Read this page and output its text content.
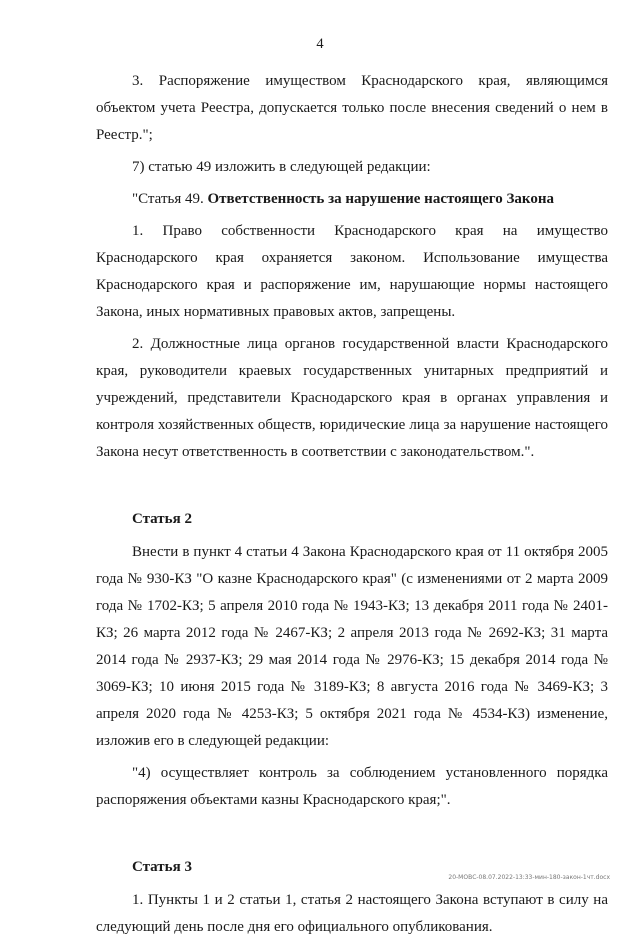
4

3. Распоряжение имуществом Краснодарского края, являющимся объектом учета Реестра, допускается только после внесения сведений о нем в Реестр.";

7) статью 49 изложить в следующей редакции:

"Статья 49. Ответственность за нарушение настоящего Закона

1. Право собственности Краснодарского края на имущество Краснодарского края охраняется законом. Использование имущества Краснодарского края и распоряжение им, нарушающие нормы настоящего Закона, иных нормативных правовых актов, запрещены.

2. Должностные лица органов государственной власти Краснодарского края, руководители краевых государственных унитарных предприятий и учреждений, представители Краснодарского края в органах управления и контроля хозяйственных обществ, юридические лица за нарушение настоящего Закона несут ответственность в соответствии с законодательством.".

Статья 2

Внести в пункт 4 статьи 4 Закона Краснодарского края от 11 октября 2005 года № 930-КЗ "О казне Краснодарского края" (с изменениями от 2 марта 2009 года № 1702-КЗ; 5 апреля 2010 года № 1943-КЗ; 13 декабря 2011 года № 2401-КЗ; 26 марта 2012 года № 2467-КЗ; 2 апреля 2013 года № 2692-КЗ; 31 марта 2014 года № 2937-КЗ; 29 мая 2014 года № 2976-КЗ; 15 декабря 2014 года № 3069-КЗ; 10 июня 2015 года № 3189-КЗ; 8 августа 2016 года № 3469-КЗ; 3 апреля 2020 года № 4253-КЗ; 5 октября 2021 года № 4534-КЗ) изменение, изложив его в следующей редакции:

"4) осуществляет контроль за соблюдением установленного порядка распоряжения объектами казны Краснодарского края;".

Статья 3

1. Пункты 1 и 2 статьи 1, статья 2 настоящего Закона вступают в силу на следующий день после дня его официального опубликования.

20-МОВС-08.07.2022-13:33-мин-180-закон-1чт.docx
